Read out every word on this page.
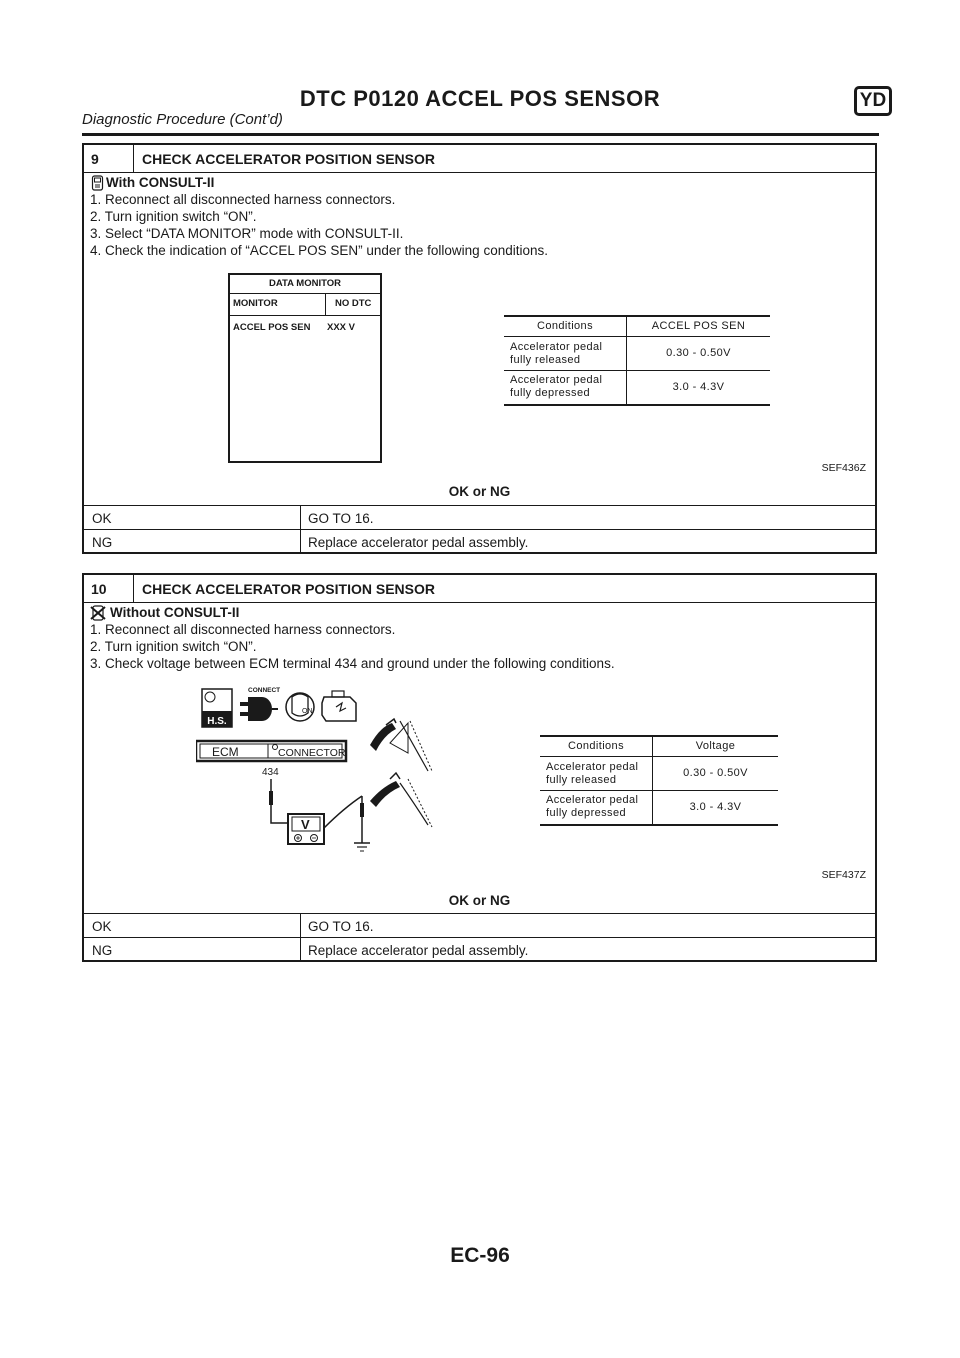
DTC P0120 ACCEL POS SENSOR	YD
Diagnostic Procedure (Cont’d)
9	CHECK ACCELERATOR POSITION SENSOR
With CONSULT-II
1. Reconnect all disconnected harness connectors.
2. Turn ignition switch “ON”.
3. Select “DATA MONITOR” mode with CONSULT-II.
4. Check the indication of “ACCEL POS SEN” under the following conditions.
DATA MONITOR
MONITOR	NO DTC
ACCEL POS SEN XXX V	Conditions	ACCEL POS SEN
Accelerator pedal
fully released	0.30 - 0.50V
Accelerator pedal
fully depressed	3.0 - 4.3V
SEF436Z
OK or NG
OK	GO TO 16.
NG	Replace accelerator pedal assembly.
10	CHECK ACCELERATOR POSITION SENSOR
Without CONSULT-II
1. Reconnect all disconnected harness connectors.
2. Turn ignition switch “ON”.
3. Check voltage between ECM terminal 434 and ground under the following conditions.
H.S.
CONNECT
ON
ECM	CONNECTOR
434
V
Conditions	Voltage
Accelerator pedal
fully released	0.30 - 0.50V
Accelerator pedal
fully depressed	3.0 - 4.3V
SEF437Z
OK or NG
OK	GO TO 16.
NG	Replace accelerator pedal assembly.
EC-96
